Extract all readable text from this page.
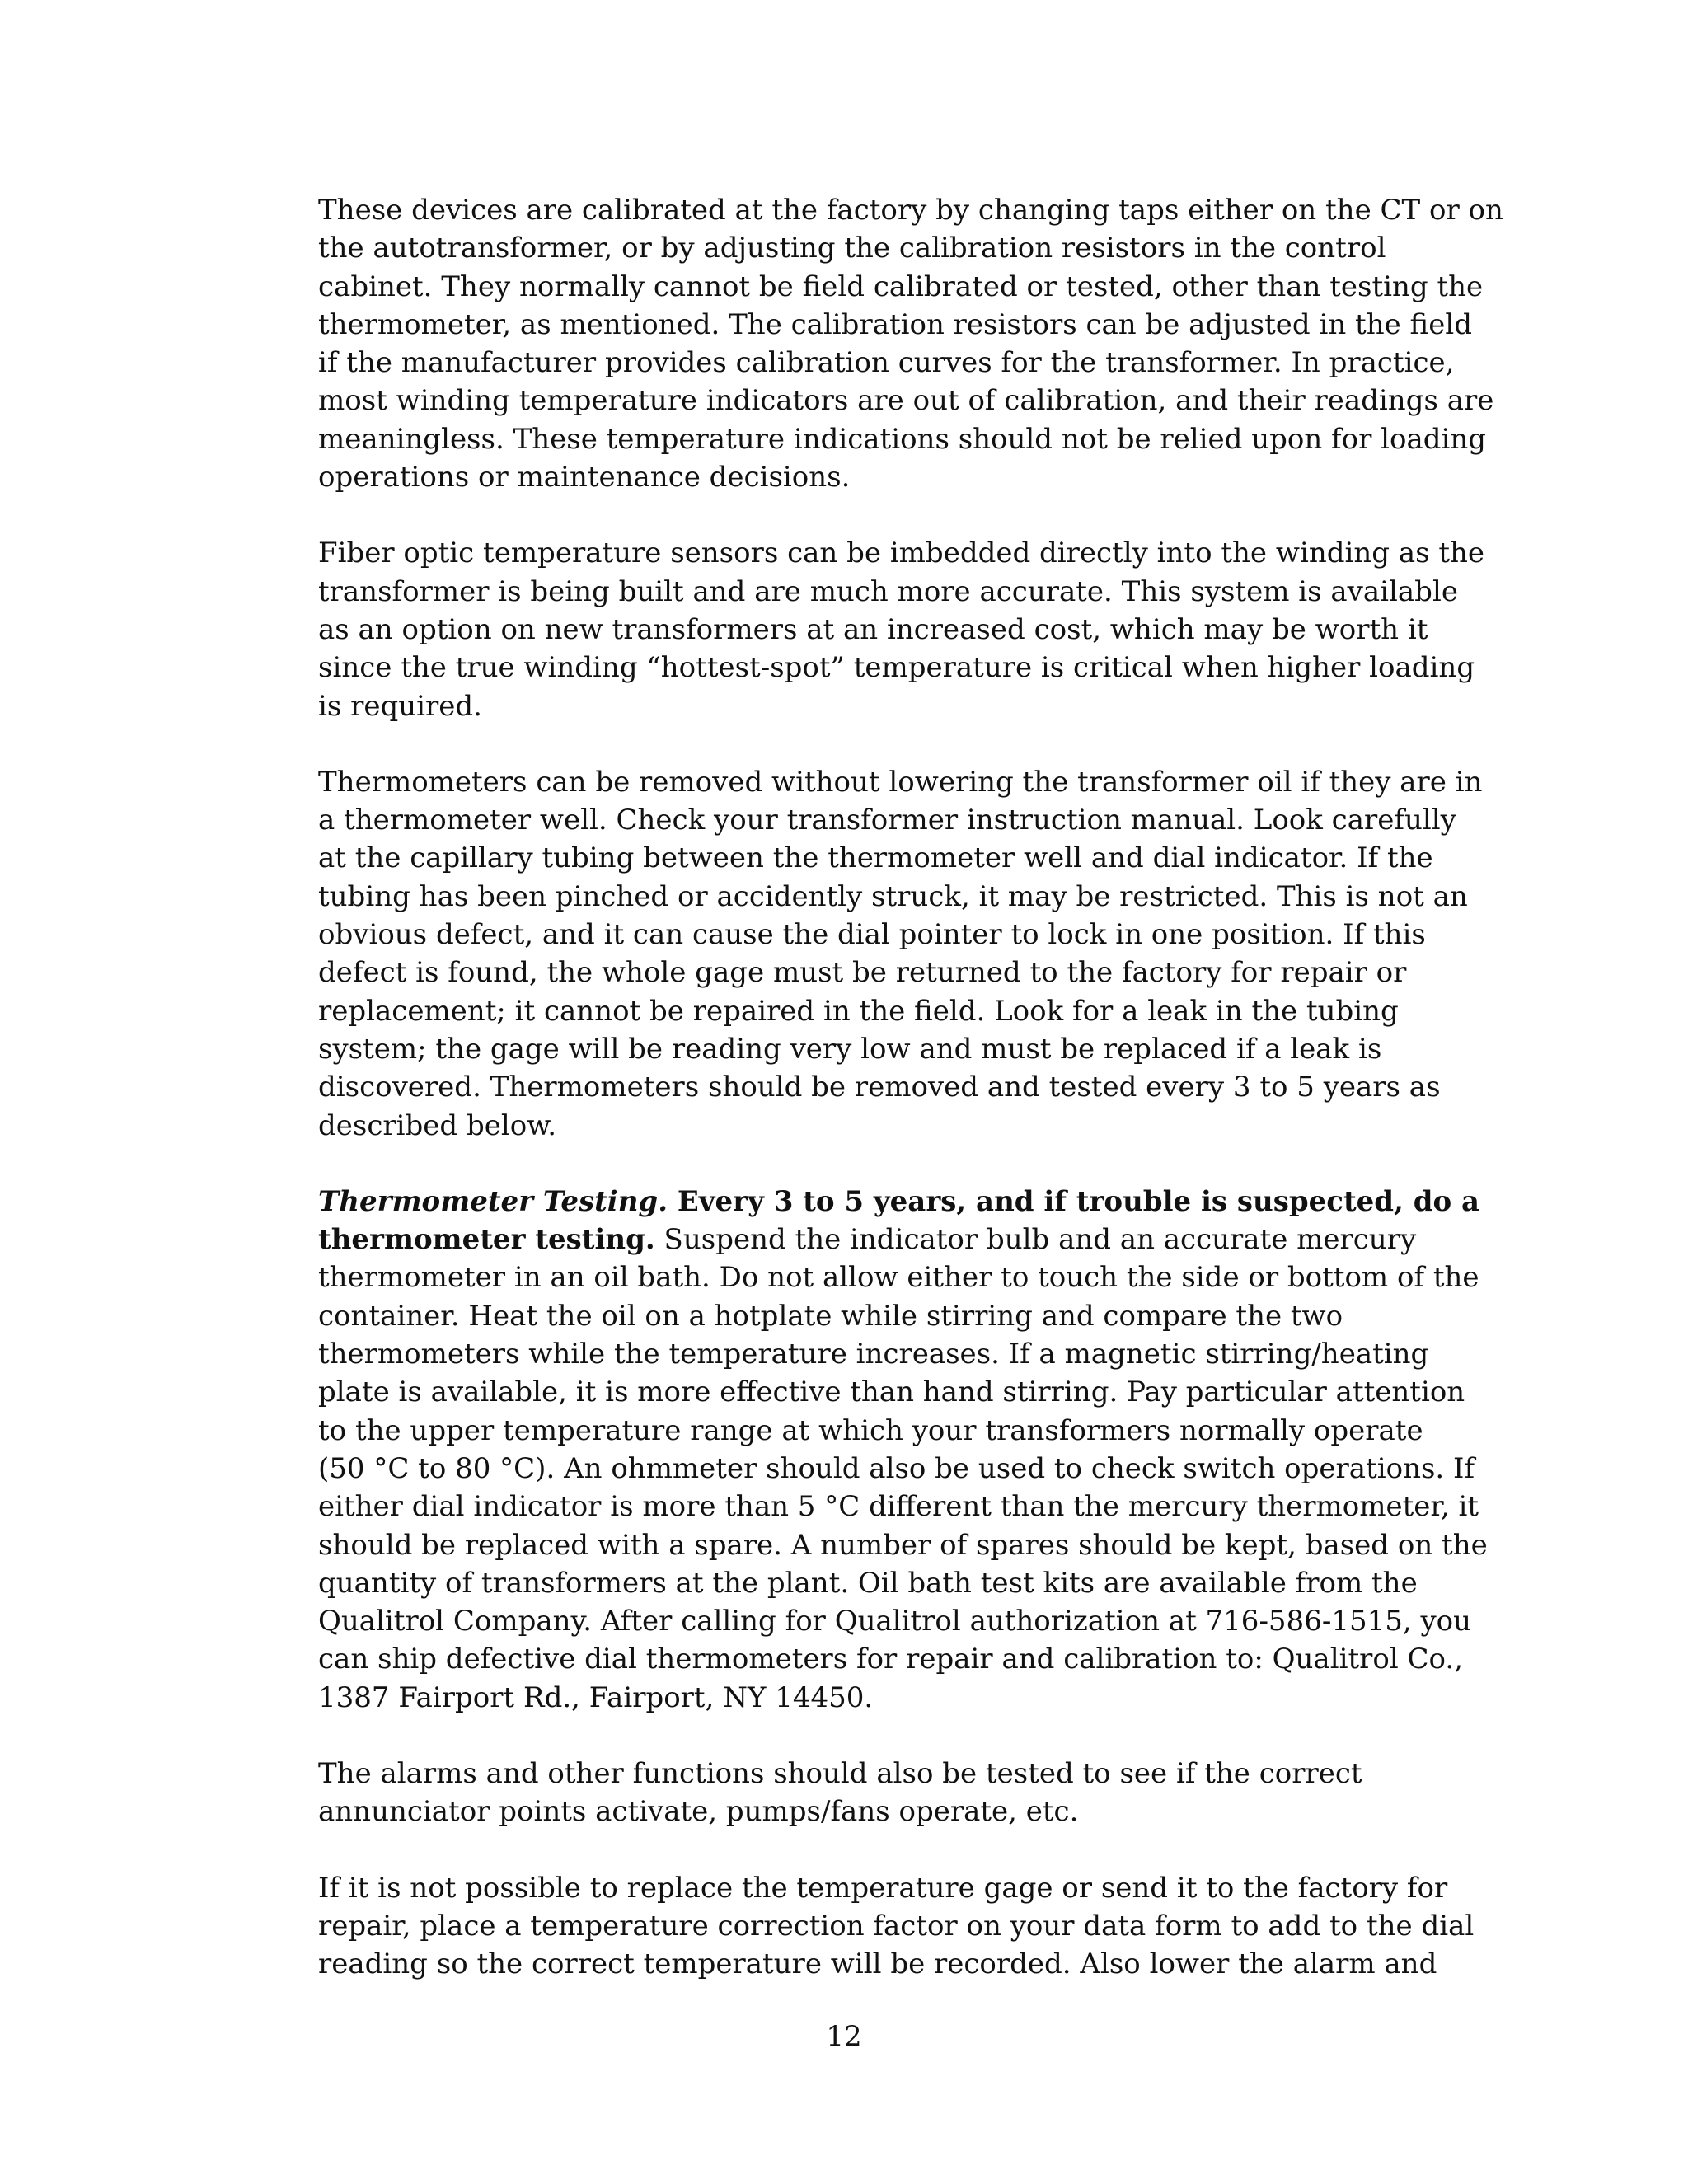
These devices are calibrated at the factory by changing taps either on the CT or on
the autotransformer, or by adjusting the calibration resistors in the control
cabinet. They normally cannot be field calibrated or tested, other than testing the
thermometer, as mentioned. The calibration resistors can be adjusted in the field
if the manufacturer provides calibration curves for the transformer. In practice,
most winding temperature indicators are out of calibration, and their readings are
meaningless. These temperature indications should not be relied upon for loading
operations or maintenance decisions.

Fiber optic temperature sensors can be imbedded directly into the winding as the
transformer is being built and are much more accurate. This system is available
as an option on new transformers at an increased cost, which may be worth it
since the true winding “hottest-spot” temperature is critical when higher loading
is required.

Thermometers can be removed without lowering the transformer oil if they are in
a thermometer well. Check your transformer instruction manual. Look carefully
at the capillary tubing between the thermometer well and dial indicator. If the
tubing has been pinched or accidently struck, it may be restricted. This is not an
obvious defect, and it can cause the dial pointer to lock in one position. If this
defect is found, the whole gage must be returned to the factory for repair or
replacement; it cannot be repaired in the field. Look for a leak in the tubing
system; the gage will be reading very low and must be replaced if a leak is
discovered. Thermometers should be removed and tested every 3 to 5 years as
described below.

Thermometer Testing. Every 3 to 5 years, and if trouble is suspected, do a
thermometer testing. Suspend the indicator bulb and an accurate mercury
thermometer in an oil bath. Do not allow either to touch the side or bottom of the
container. Heat the oil on a hotplate while stirring and compare the two
thermometers while the temperature increases. If a magnetic stirring/heating
plate is available, it is more effective than hand stirring. Pay particular attention
to the upper temperature range at which your transformers normally operate
(50 °C to 80 °C). An ohmmeter should also be used to check switch operations. If
either dial indicator is more than 5 °C different than the mercury thermometer, it
should be replaced with a spare. A number of spares should be kept, based on the
quantity of transformers at the plant. Oil bath test kits are available from the
Qualitrol Company. After calling for Qualitrol authorization at 716-586-1515, you
can ship defective dial thermometers for repair and calibration to: Qualitrol Co.,
1387 Fairport Rd., Fairport, NY 14450.

The alarms and other functions should also be tested to see if the correct
annunciator points activate, pumps/fans operate, etc.

If it is not possible to replace the temperature gage or send it to the factory for
repair, place a temperature correction factor on your data form to add to the dial
reading so the correct temperature will be recorded. Also lower the alarm and

12
